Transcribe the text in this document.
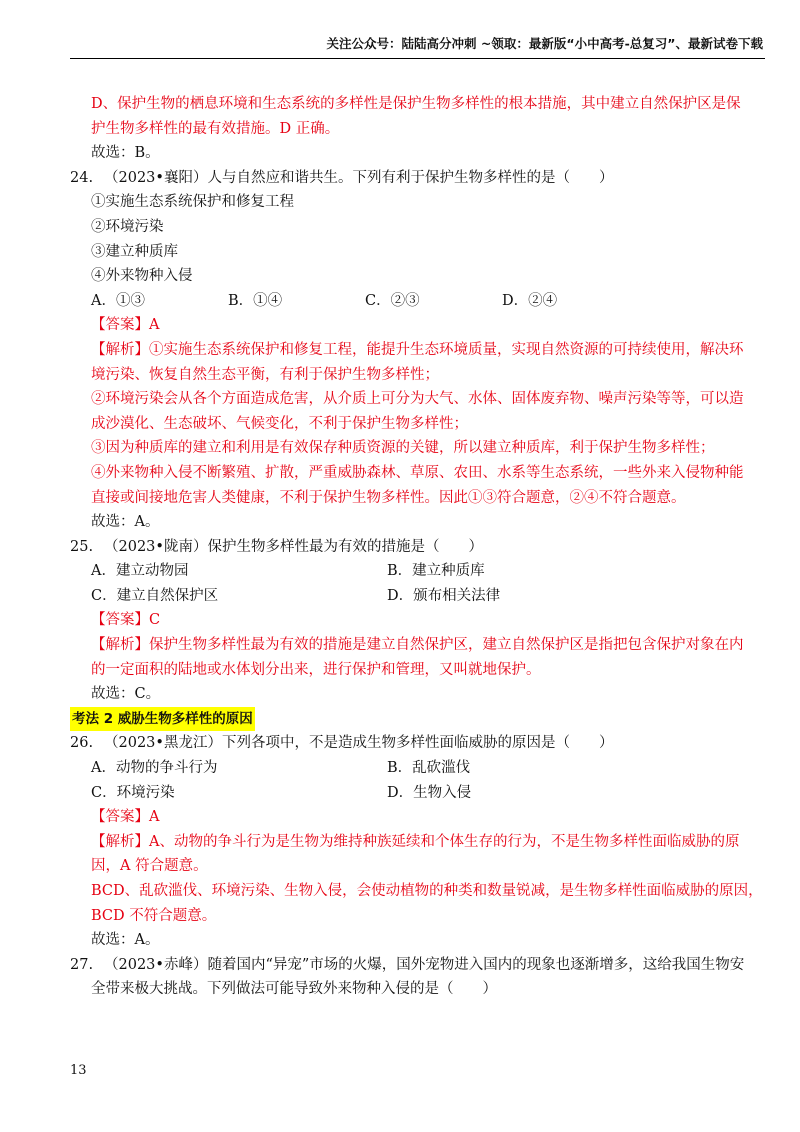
关注公众号：陆陆高分冲刺 ~领取：最新版“小中高考-总复习”、最新试卷下载
D、保护生物的栖息环境和生态系统的多样性是保护生物多样性的根本措施，其中建立自然保护区是保
护生物多样性的最有效措施。D 正确。
故选：B。
24. （2023•襄阳）人与自然应和谐共生。下列有利于保护生物多样性的是（　　）
①实施生态系统保护和修复工程
②环境污染
③建立种质库
④外来物种入侵
A．①③	B．①④	C．②③	D．②④
【答案】A
【解析】①实施生态系统保护和修复工程，能提升生态环境质量，实现自然资源的可持续使用，解决环
境污染、恢复自然生态平衡，有利于保护生物多样性；
②环境污染会从各个方面造成危害，从介质上可分为大气、水体、固体废弃物、噪声污染等等，可以造
成沙漠化、生态破坏、气候变化，不利于保护生物多样性；
③因为种质库的建立和利用是有效保存种质资源的关键，所以建立种质库，利于保护生物多样性；
④外来物种入侵不断繁殖、扩散，严重威胁森林、草原、农田、水系等生态系统，一些外来入侵物种能
直接或间接地危害人类健康，不利于保护生物多样性。因此①③符合题意，②④不符合题意。
故选：A。
25. （2023•陇南）保护生物多样性最为有效的措施是（　　）
A．建立动物园	B．建立种质库
C．建立自然保护区	D．颁布相关法律
【答案】C
【解析】保护生物多样性最为有效的措施是建立自然保护区，建立自然保护区是指把包含保护对象在内
的一定面积的陆地或水体划分出来，进行保护和管理，又叫就地保护。
故选：C。
考法 2 威胁生物多样性的原因
26. （2023•黑龙江）下列各项中，不是造成生物多样性面临威胁的原因是（　　）
A．动物的争斗行为	B．乱砍滥伐
C．环境污染	D．生物入侵
【答案】A
【解析】A、动物的争斗行为是生物为维持种族延续和个体生存的行为，不是生物多样性面临威胁的原
因，A 符合题意。
BCD、乱砍滥伐、环境污染、生物入侵，会使动植物的种类和数量锐减，是生物多样性面临威胁的原因，
BCD 不符合题意。
故选：A。
27. （2023•赤峰）随着国内“异宠”市场的火爆，国外宠物进入国内的现象也逐渐增多，这给我国生物安
全带来极大挑战。下列做法可能导致外来物种入侵的是（　　）
13
